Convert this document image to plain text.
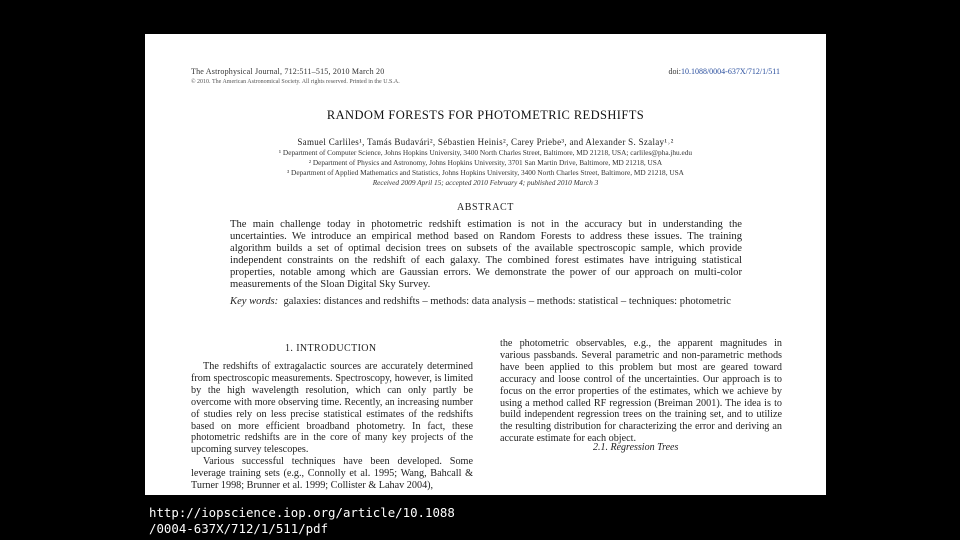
The Astrophysical Journal, 712:511–515, 2010 March 20	doi:10.1088/0004-637X/712/1/511
© 2010. The American Astronomical Society. All rights reserved. Printed in the U.S.A.
RANDOM FORESTS FOR PHOTOMETRIC REDSHIFTS
Samuel Carliles¹, Tamás Budavári², Sébastien Heinis², Carey Priebe³, and Alexander S. Szalay¹˒²
¹ Department of Computer Science, Johns Hopkins University, 3400 North Charles Street, Baltimore, MD 21218, USA; carliles@pha.jhu.edu
² Department of Physics and Astronomy, Johns Hopkins University, 3701 San Martin Drive, Baltimore, MD 21218, USA
³ Department of Applied Mathematics and Statistics, Johns Hopkins University, 3400 North Charles Street, Baltimore, MD 21218, USA
Received 2009 April 15; accepted 2010 February 4; published 2010 March 3
ABSTRACT
The main challenge today in photometric redshift estimation is not in the accuracy but in understanding the uncertainties. We introduce an empirical method based on Random Forests to address these issues. The training algorithm builds a set of optimal decision trees on subsets of the available spectroscopic sample, which provide independent constraints on the redshift of each galaxy. The combined forest estimates have intriguing statistical properties, notable among which are Gaussian errors. We demonstrate the power of our approach on multi-color measurements of the Sloan Digital Sky Survey.
Key words: galaxies: distances and redshifts – methods: data analysis – methods: statistical – techniques: photometric
1. INTRODUCTION

The redshifts of extragalactic sources are accurately determined from spectroscopic measurements. Spectroscopy, however, is limited by the high wavelength resolution, which can only partly be overcome with more observing time. Recently, an increasing number of studies rely on less precise statistical estimates of the redshifts based on more efficient broadband photometry. In fact, these photometric redshifts are in the core of many key projects of the upcoming survey telescopes.

Various successful techniques have been developed. Some leverage training sets (e.g., Connolly et al. 1995; Wang, Bahcall & Turner 1998; Brunner et al. 1999; Collister & Lahav 2004),

the photometric observables, e.g., the apparent magnitudes in various passbands. Several parametric and non-parametric methods have been applied to this problem but most are geared toward accuracy and loose control of the uncertainties. Our approach is to focus on the error properties of the estimates, which we achieve by using a method called RF regression (Breiman 2001). The idea is to build independent regression trees on the training set, and to utilize the resulting distribution for characterizing the error and deriving an accurate estimate for each object.

2.1. Regression Trees
http://iopscience.iop.org/article/10.1088
/0004-637X/712/1/511/pdf
